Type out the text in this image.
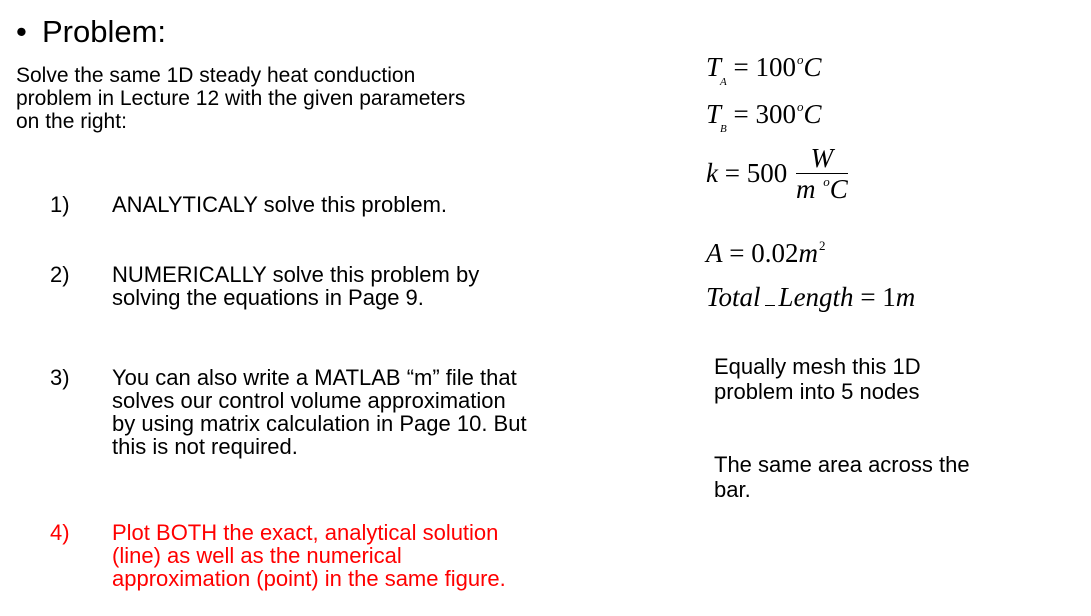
• Problem:
Solve the same 1D steady heat conduction
problem in Lecture 12 with the given parameters
on the right:
1)	ANALYTICALY solve this problem.
2)	NUMERICALLY solve this problem by
solving the equations in Page 9.
3)	You can also write a MATLAB “m” file that
solves our control volume approximation
by using matrix calculation in Page 10. But
this is not required.
4)	Plot BOTH the exact, analytical solution
(line) as well as the numerical
approximation (point) in the same figure.
$T_A = 100^oC$
$T_B = 300^oC$
$k = 500 \frac{W}{m ^oC}$
$A = 0.02m^2$
Total Length = 1m
Equally mesh this 1D
problem into 5 nodes
The same area across the
bar.
